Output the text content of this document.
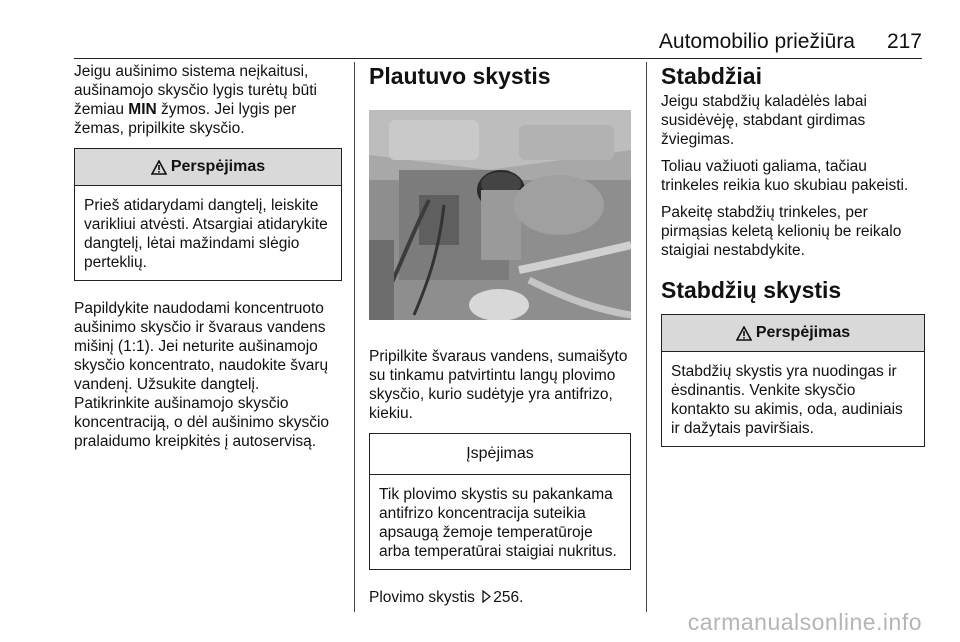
Automobilio priežiūra 217

Jeigu aušinimo sistema neįkaitusi, aušinamojo skysčio lygis turėtų būti žemiau MIN žymos. Jei lygis per žemas, pripilkite skysčio.

Perspėjimas

Prieš atidarydami dangtelį, leiskite varikliui atvėsti. Atsargiai atidarykite dangtelį, lėtai mažindami slėgio perteklių.

Papildykite naudodami koncentruoto aušinimo skysčio ir švaraus vandens mišinį (1:1). Jei neturite aušinamojo skysčio koncentrato, naudokite švarų vandenį. Užsukite dangtelį.

Patikrinkite aušinamojo skysčio koncentraciją, o dėl aušinimo skysčio pralaidumo kreipkitės į autoservisą.

Plautuvo skystis

Pripilkite švaraus vandens, sumaišyto su tinkamu patvirtintu langų plovimo skysčio, kurio sudėtyje yra antifrizo, kiekiu.

Įspėjimas

Tik plovimo skystis su pakankama antifrizo koncentracija suteikia apsaugą žemoje temperatūroje arba temperatūrai staigiai nukritus.

Plovimo skystis 256.

Stabdžiai

Jeigu stabdžių kaladėlės labai susidėvėję, stabdant girdimas žviegimas.

Toliau važiuoti galiama, tačiau trinkeles reikia kuo skubiau pakeisti.

Pakeitę stabdžių trinkeles, per pirmąsias keletą kelionių be reikalo staigiai nestabdykite.

Stabdžių skystis
Perspėjimas

Stabdžių skystis yra nuodingas ir ėsdinantis. Venkite skysčio kontakto su akimis, oda, audiniais ir dažytais paviršiais.

carmanualsonline.info
